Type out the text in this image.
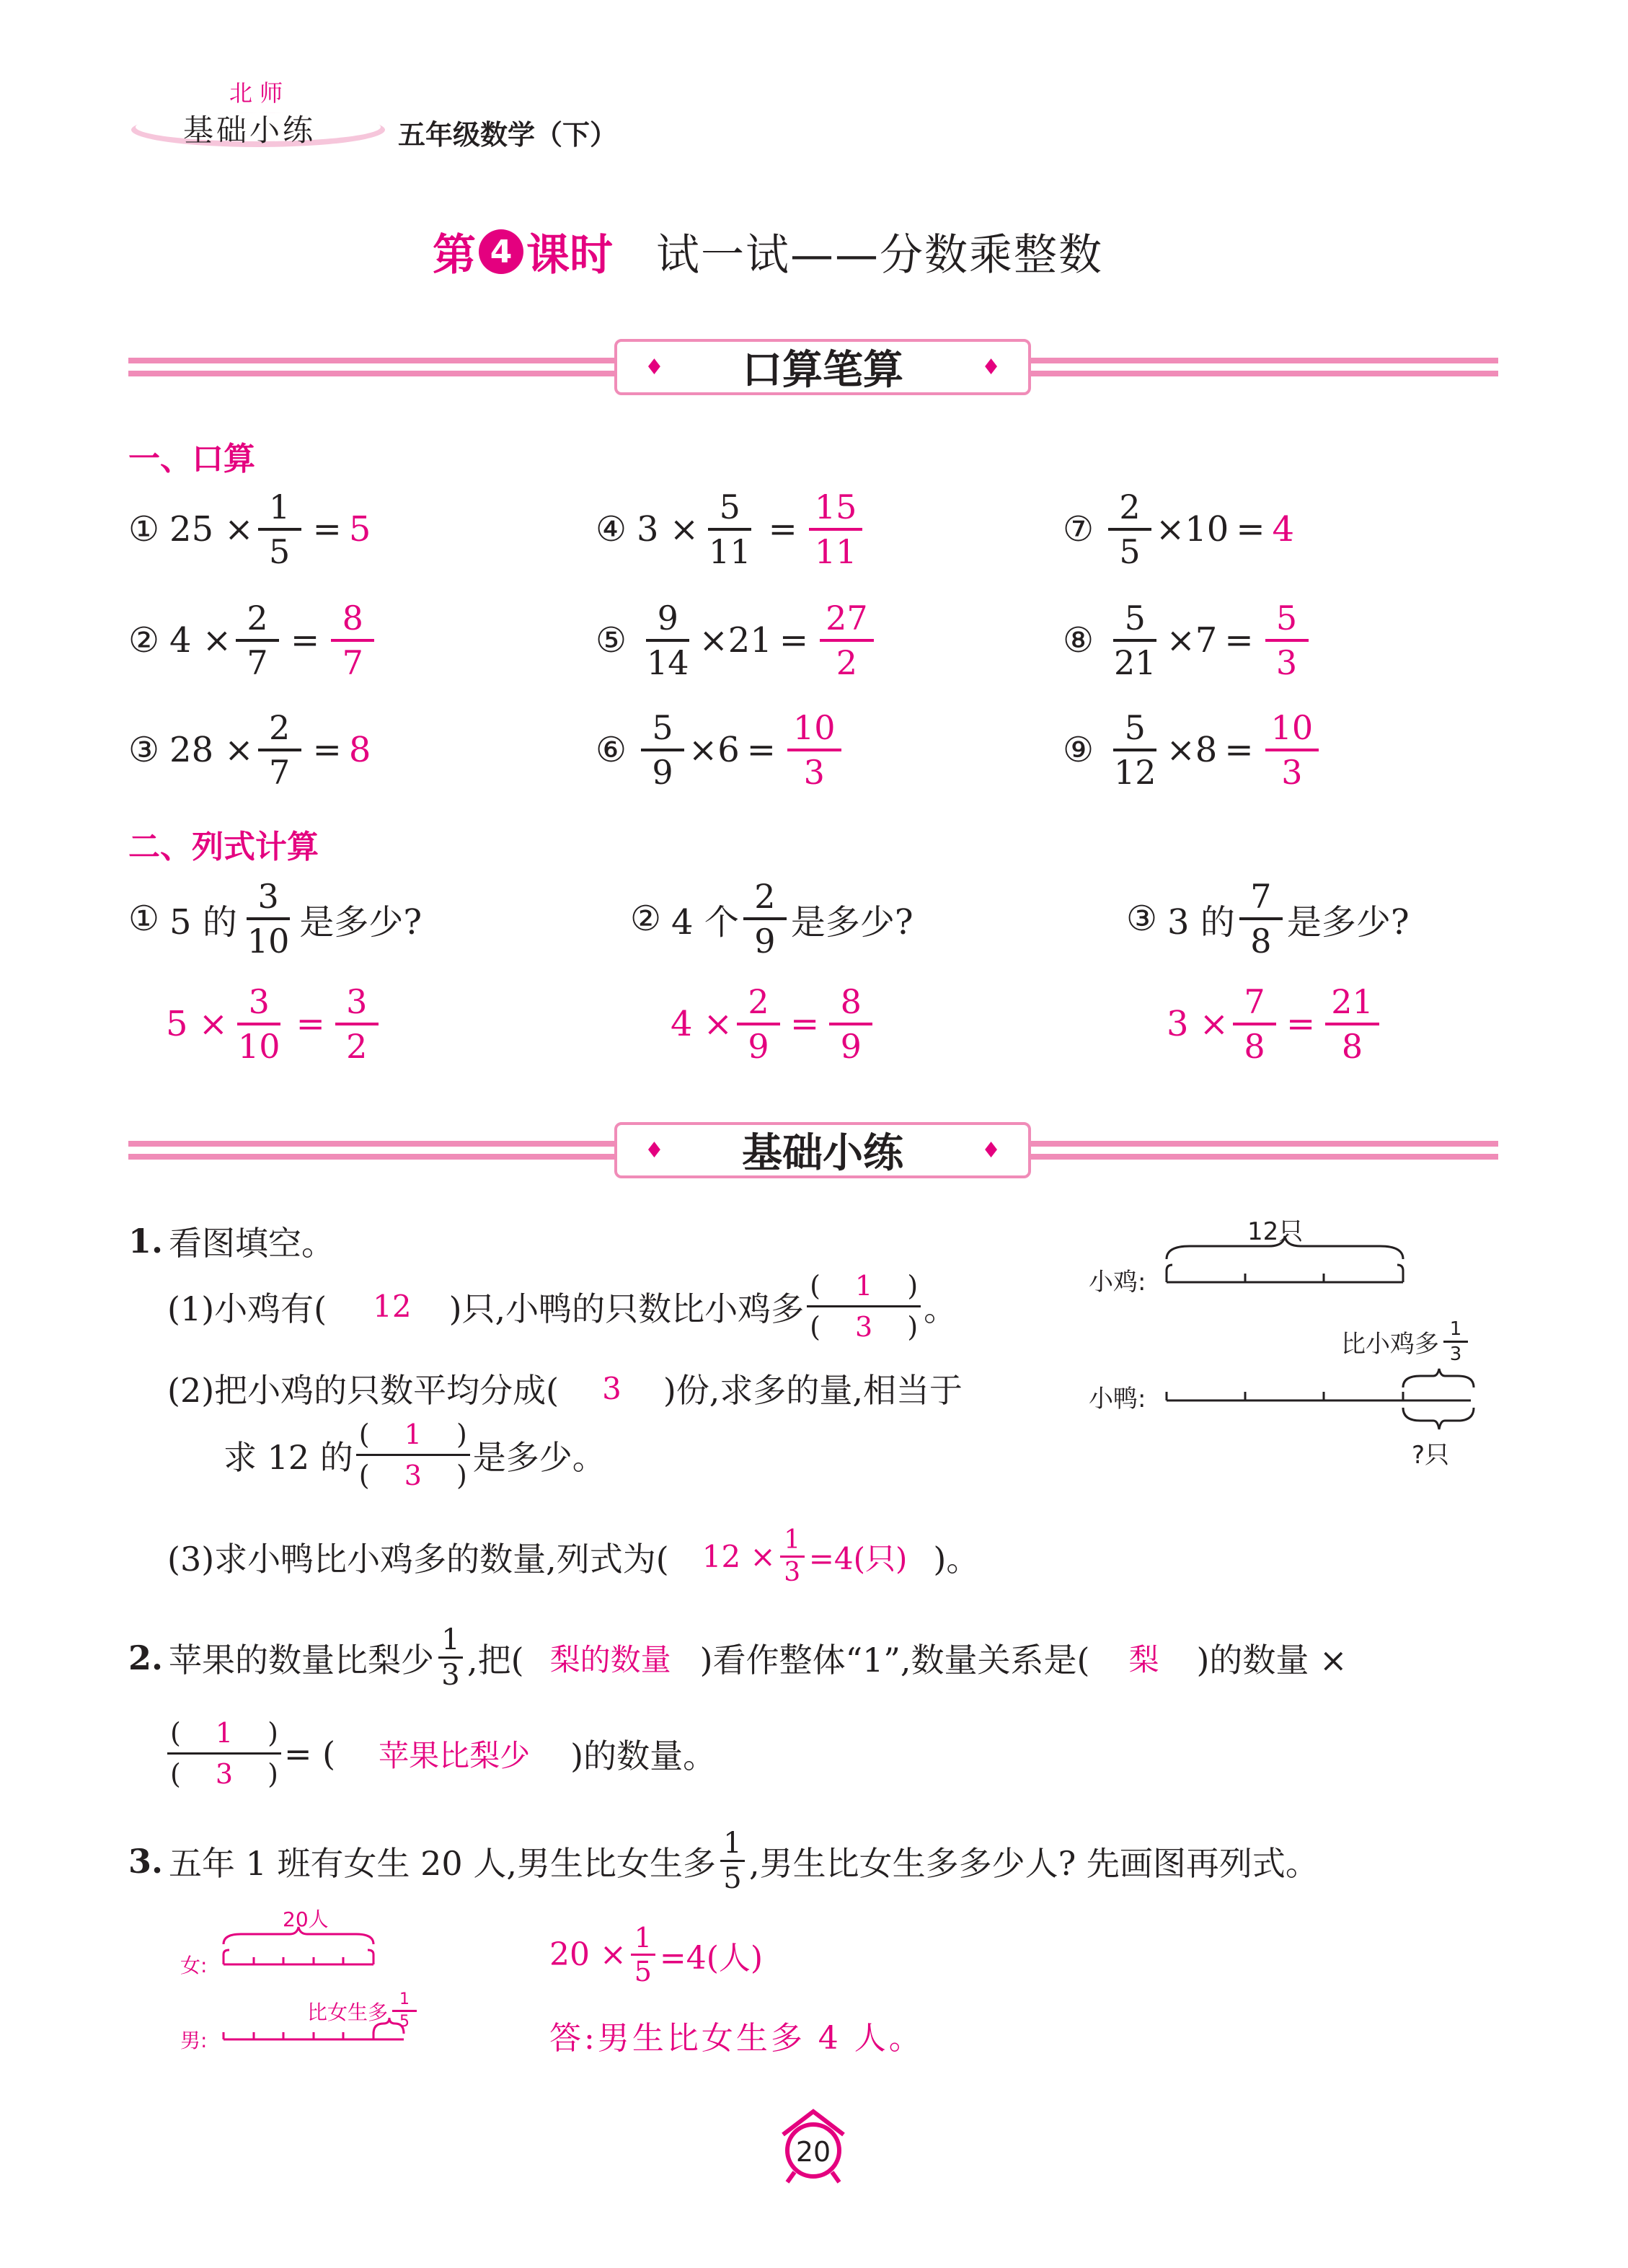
北 师
基础小练	五年级数学（下）
第 4 课时 试一试——分数乘整数
♦ 口算笔算	♦
一、口算
① $25 \times \frac{1}{5} = 5$	④ $3 \times \frac{5}{11} = \frac{15}{11}$	⑦ $\frac{2}{5} \times 10 = 4$
② $4 \times \frac{2}{7} = \frac{8}{7}$	⑤ $\frac{9}{14} \times 21 = \frac{27}{2}$	⑧ $\frac{5}{21} \times 7 = \frac{5}{3}$
③ $28 \times \frac{2}{7} = 8$	⑥ $\frac{5}{9} \times 6 = \frac{10}{3}$	⑨ $\frac{5}{12} \times 8 = \frac{10}{3}$
二、列式计算
① 5 的 $\frac{3}{10}$ 是多少?
$5 \times \frac{3}{10} = \frac{3}{2}$
② 4 个 $\frac{2}{9}$ 是多少?
$4 \times \frac{2}{9} = \frac{8}{9}$
③ 3 的 $\frac{7}{8}$ 是多少?
$3 \times \frac{7}{8} = \frac{21}{8}$
♦ 基础小练	♦
1. 看图填空。
(1)小鸡有( 12 )只,小鸭的只数比小鸡多 $\frac{( 1 )}{( 3 )}$ 。
(2)把小鸡的只数平均分成( 3 )份,求多的量,相当于
求 12 的 $\frac{( 1 )}{( 3 )}$ 是多少。
(3)求小鸭比小鸡多的数量,列式为( $12 \times \frac{1}{3} =4$(只) )。
12只
小鸡:
小鸭:
比小鸡多 $\frac{1}{3}$
?只
2. 苹果的数量比梨少 $\frac{1}{3}$ ,把( 梨的数量 )看作整体“1”,数量关系是( 梨 )的数量 ×
$\frac{( 1 )}{( 3 )}$ = ( 苹果比梨少 )的数量。
3. 五年 1 班有女生 20 人,男生比女生多 $\frac{1}{5}$ ,男生比女生多多少人? 先画图再列式。
20人
女:
男:
比女生多 $\frac{1}{5}$
$20 \times \frac{1}{5} =4$(人)
答:男生比女生多 4 人。
20
